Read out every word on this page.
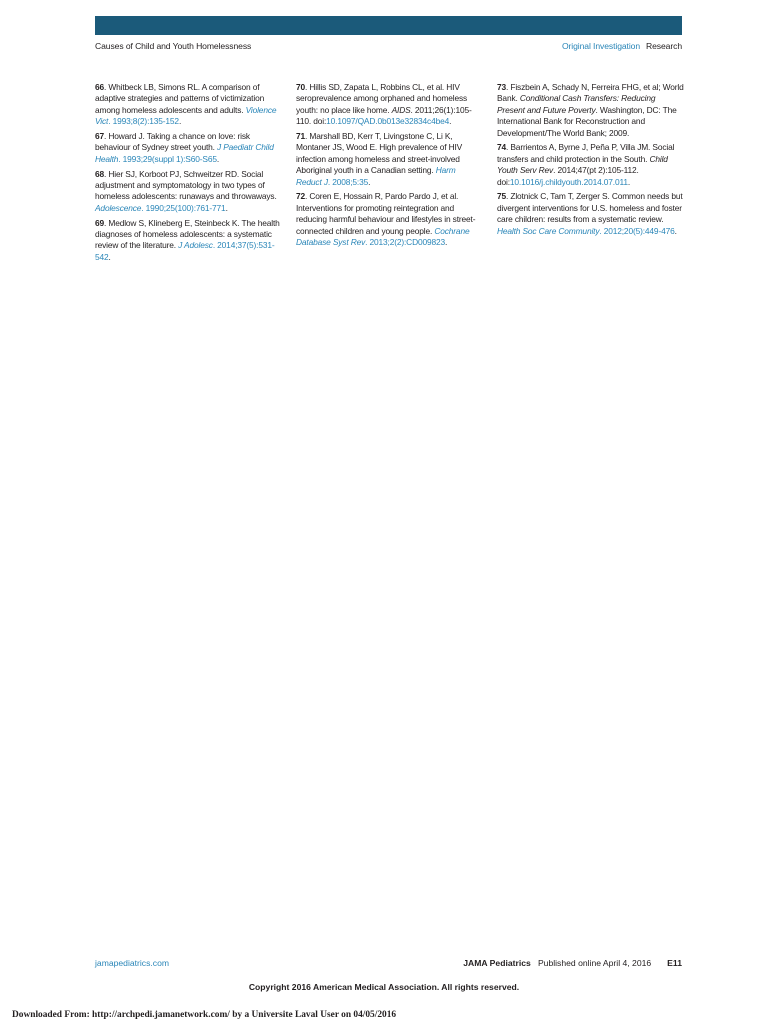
Causes of Child and Youth Homelessness	Original Investigation Research

66. Whitbeck LB, Simons RL. A comparison of adaptive strategies and patterns of victimization among homeless adolescents and adults. Violence Vict. 1993;8(2):135-152.

67. Howard J. Taking a chance on love: risk behaviour of Sydney street youth. J Paediatr Child Health. 1993;29(suppl 1):S60-S65.

68. Hier SJ, Korboot PJ, Schweitzer RD. Social adjustment and symptomatology in two types of homeless adolescents: runaways and throwaways. Adolescence. 1990;25(100):761-771.

69. Medlow S, Klineberg E, Steinbeck K. The health diagnoses of homeless adolescents: a systematic review of the literature. J Adolesc. 2014;37(5):531-542.

70. Hillis SD, Zapata L, Robbins CL, et al. HIV seroprevalence among orphaned and homeless youth: no place like home. AIDS. 2011;26(1):105-110. doi:10.1097/QAD.0b013e32834c4be4.

71. Marshall BD, Kerr T, Livingstone C, Li K, Montaner JS, Wood E. High prevalence of HIV infection among homeless and street-involved Aboriginal youth in a Canadian setting. Harm Reduct J. 2008;5:35.

72. Coren E, Hossain R, Pardo Pardo J, et al. Interventions for promoting reintegration and reducing harmful behaviour and lifestyles in street-connected children and young people. Cochrane Database Syst Rev. 2013;2(2):CD009823.

73. Fiszbein A, Schady N, Ferreira FHG, et al; World Bank. Conditional Cash Transfers: Reducing Present and Future Poverty. Washington, DC: The International Bank for Reconstruction and Development/The World Bank; 2009.

74. Barrientos A, Byrne J, Peña P, Villa JM. Social transfers and child protection in the South. Child Youth Serv Rev. 2014;47(pt 2):105-112. doi:10.1016/j.childyouth.2014.07.011.

75. Zlotnick C, Tam T, Zerger S. Common needs but divergent interventions for U.S. homeless and foster care children: results from a systematic review. Health Soc Care Community. 2012;20(5):449-476.

jamapediatrics.com	JAMA Pediatrics Published online April 4, 2016 E11
Copyright 2016 American Medical Association. All rights reserved.
Downloaded From: http://archpedi.jamanetwork.com/ by a Universite Laval User on 04/05/2016
